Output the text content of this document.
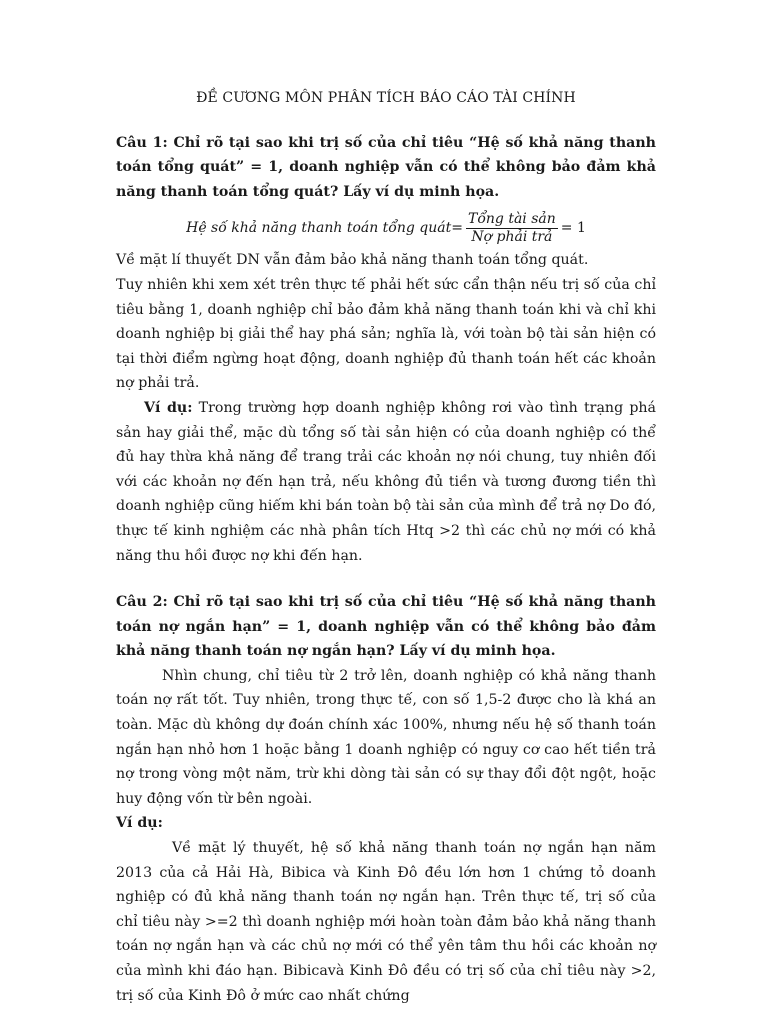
ĐỀ CƯƠNG MÔN PHÂN TÍCH BÁO CÁO TÀI CHÍNH

Câu 1: Chỉ rõ tại sao khi trị số của chỉ tiêu “Hệ số khả năng thanh toán tổng quát” = 1, doanh nghiệp vẫn có thể không bảo đảm khả năng thanh toán tổng quát? Lấy ví dụ minh họa.

Hệ số khả năng thanh toán tổng quát = $\frac{\text{Tổng tài sản}}{\text{Nợ phải trả}} = 1$

Về mặt lí thuyết DN vẫn đảm bảo khả năng thanh toán tổng quát.

Tuy nhiên khi xem xét trên thực tế phải hết sức cẩn thận nếu trị số của chỉ tiêu bằng 1, doanh nghiệp chỉ bảo đảm khả năng thanh toán khi và chỉ khi doanh nghiệp bị giải thể hay phá sản; nghĩa là, với toàn bộ tài sản hiện có tại thời điểm ngừng hoạt động, doanh nghiệp đủ thanh toán hết các khoản nợ phải trả.

Ví dụ: Trong trường hợp doanh nghiệp không rơi vào tình trạng phá sản hay giải thể, mặc dù tổng số tài sản hiện có của doanh nghiệp có thể đủ hay thừa khả năng để trang trải các khoản nợ nói chung, tuy nhiên đối với các khoản nợ đến hạn trả, nếu không đủ tiền và tương đương tiền thì doanh nghiệp cũng hiếm khi bán toàn bộ tài sản của mình để trả nợ Do đó, thực tế kinh nghiệm các nhà phân tích Htq >2 thì các chủ nợ mới có khả năng thu hồi được nợ khi đến hạn.

Câu 2: Chỉ rõ tại sao khi trị số của chỉ tiêu “Hệ số khả năng thanh toán nợ ngắn hạn” = 1, doanh nghiệp vẫn có thể không bảo đảm khả năng thanh toán nợ ngắn hạn? Lấy ví dụ minh họa.

Nhìn chung, chỉ tiêu từ 2 trở lên, doanh nghiệp có khả năng thanh toán nợ rất tốt. Tuy nhiên, trong thực tế, con số 1,5-2 được cho là khá an toàn. Mặc dù không dự đoán chính xác 100%, nhưng nếu hệ số thanh toán ngắn hạn nhỏ hơn 1 hoặc bằng 1 doanh nghiệp có nguy cơ cao hết tiền trả nợ trong vòng một năm, trừ khi dòng tài sản có sự thay đổi đột ngột, hoặc huy động vốn từ bên ngoài.

Ví dụ:

Về mặt lý thuyết, hệ số khả năng thanh toán nợ ngắn hạn năm 2013 của cả Hải Hà, Bibica và Kinh Đô đều lớn hơn 1 chứng tỏ doanh nghiệp có đủ khả năng thanh toán nợ ngắn hạn. Trên thực tế, trị số của chỉ tiêu này >=2 thì doanh nghiệp mới hoàn toàn đảm bảo khả năng thanh toán nợ ngắn hạn và các chủ nợ mới có thể yên tâm thu hồi các khoản nợ của mình khi đáo hạn. Bibicavà Kinh Đô đều có trị số của chỉ tiêu này >2, trị số của Kinh Đô ở mức cao nhất chứng
